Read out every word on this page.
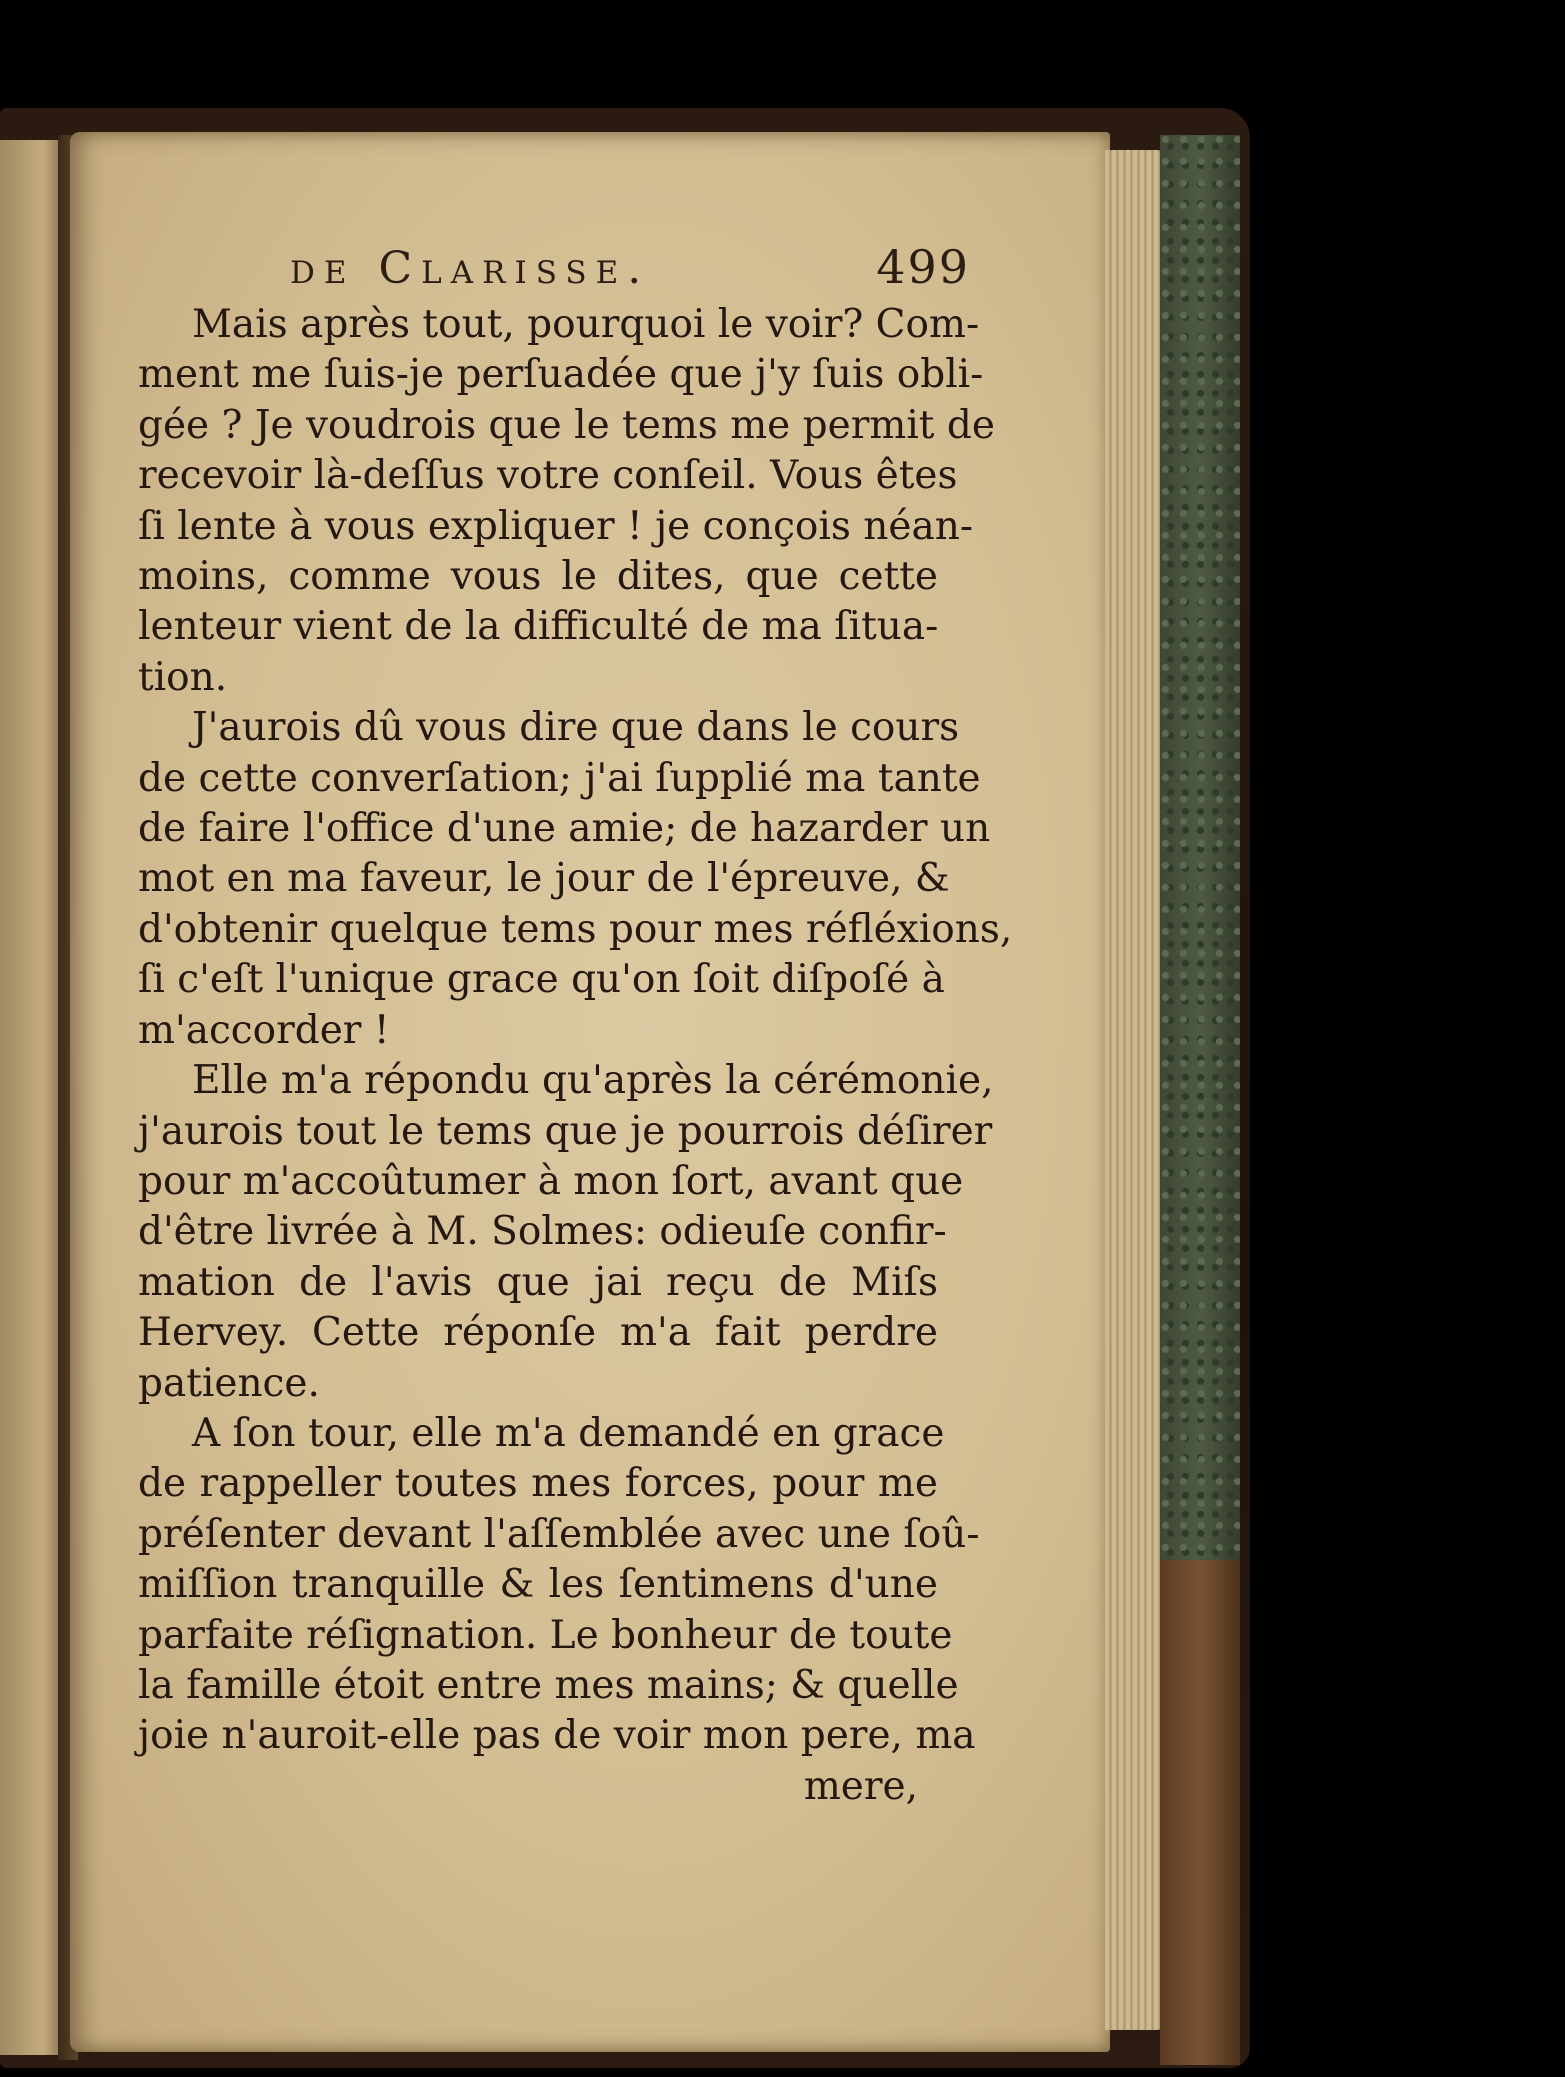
de Clarisse.	499
Mais après tout, pourquoi le voir? Com-
ment me ſuis-je perſuadée que j'y ſuis obli-
gée ? Je voudrois que le tems me permit de
recevoir là-deſſus votre conſeil. Vous êtes
ſi lente à vous expliquer ! je conçois néan-
moins, comme vous le dites, que cette
lenteur vient de la difficulté de ma ſitua-
tion.
J'aurois dû vous dire que dans le cours
de cette converſation; j'ai ſupplié ma tante
de faire l'office d'une amie; de hazarder un
mot en ma faveur, le jour de l'épreuve, &
d'obtenir quelque tems pour mes réfléxions,
ſi c'eſt l'unique grace qu'on ſoit diſpoſé à
m'accorder !
Elle m'a répondu qu'après la cérémonie,
j'aurois tout le tems que je pourrois déſirer
pour m'accoûtumer à mon ſort, avant que
d'être livrée à M. Solmes: odieuſe confir-
mation de l'avis que jai reçu de Miſs
Hervey. Cette réponſe m'a fait perdre
patience.
A ſon tour, elle m'a demandé en grace
de rappeller toutes mes forces, pour me
préſenter devant l'aſſemblée avec une ſoû-
miſſion tranquille & les ſentimens d'une
parfaite réſignation. Le bonheur de toute
la famille étoit entre mes mains; & quelle
joie n'auroit-elle pas de voir mon pere, ma
mere,
